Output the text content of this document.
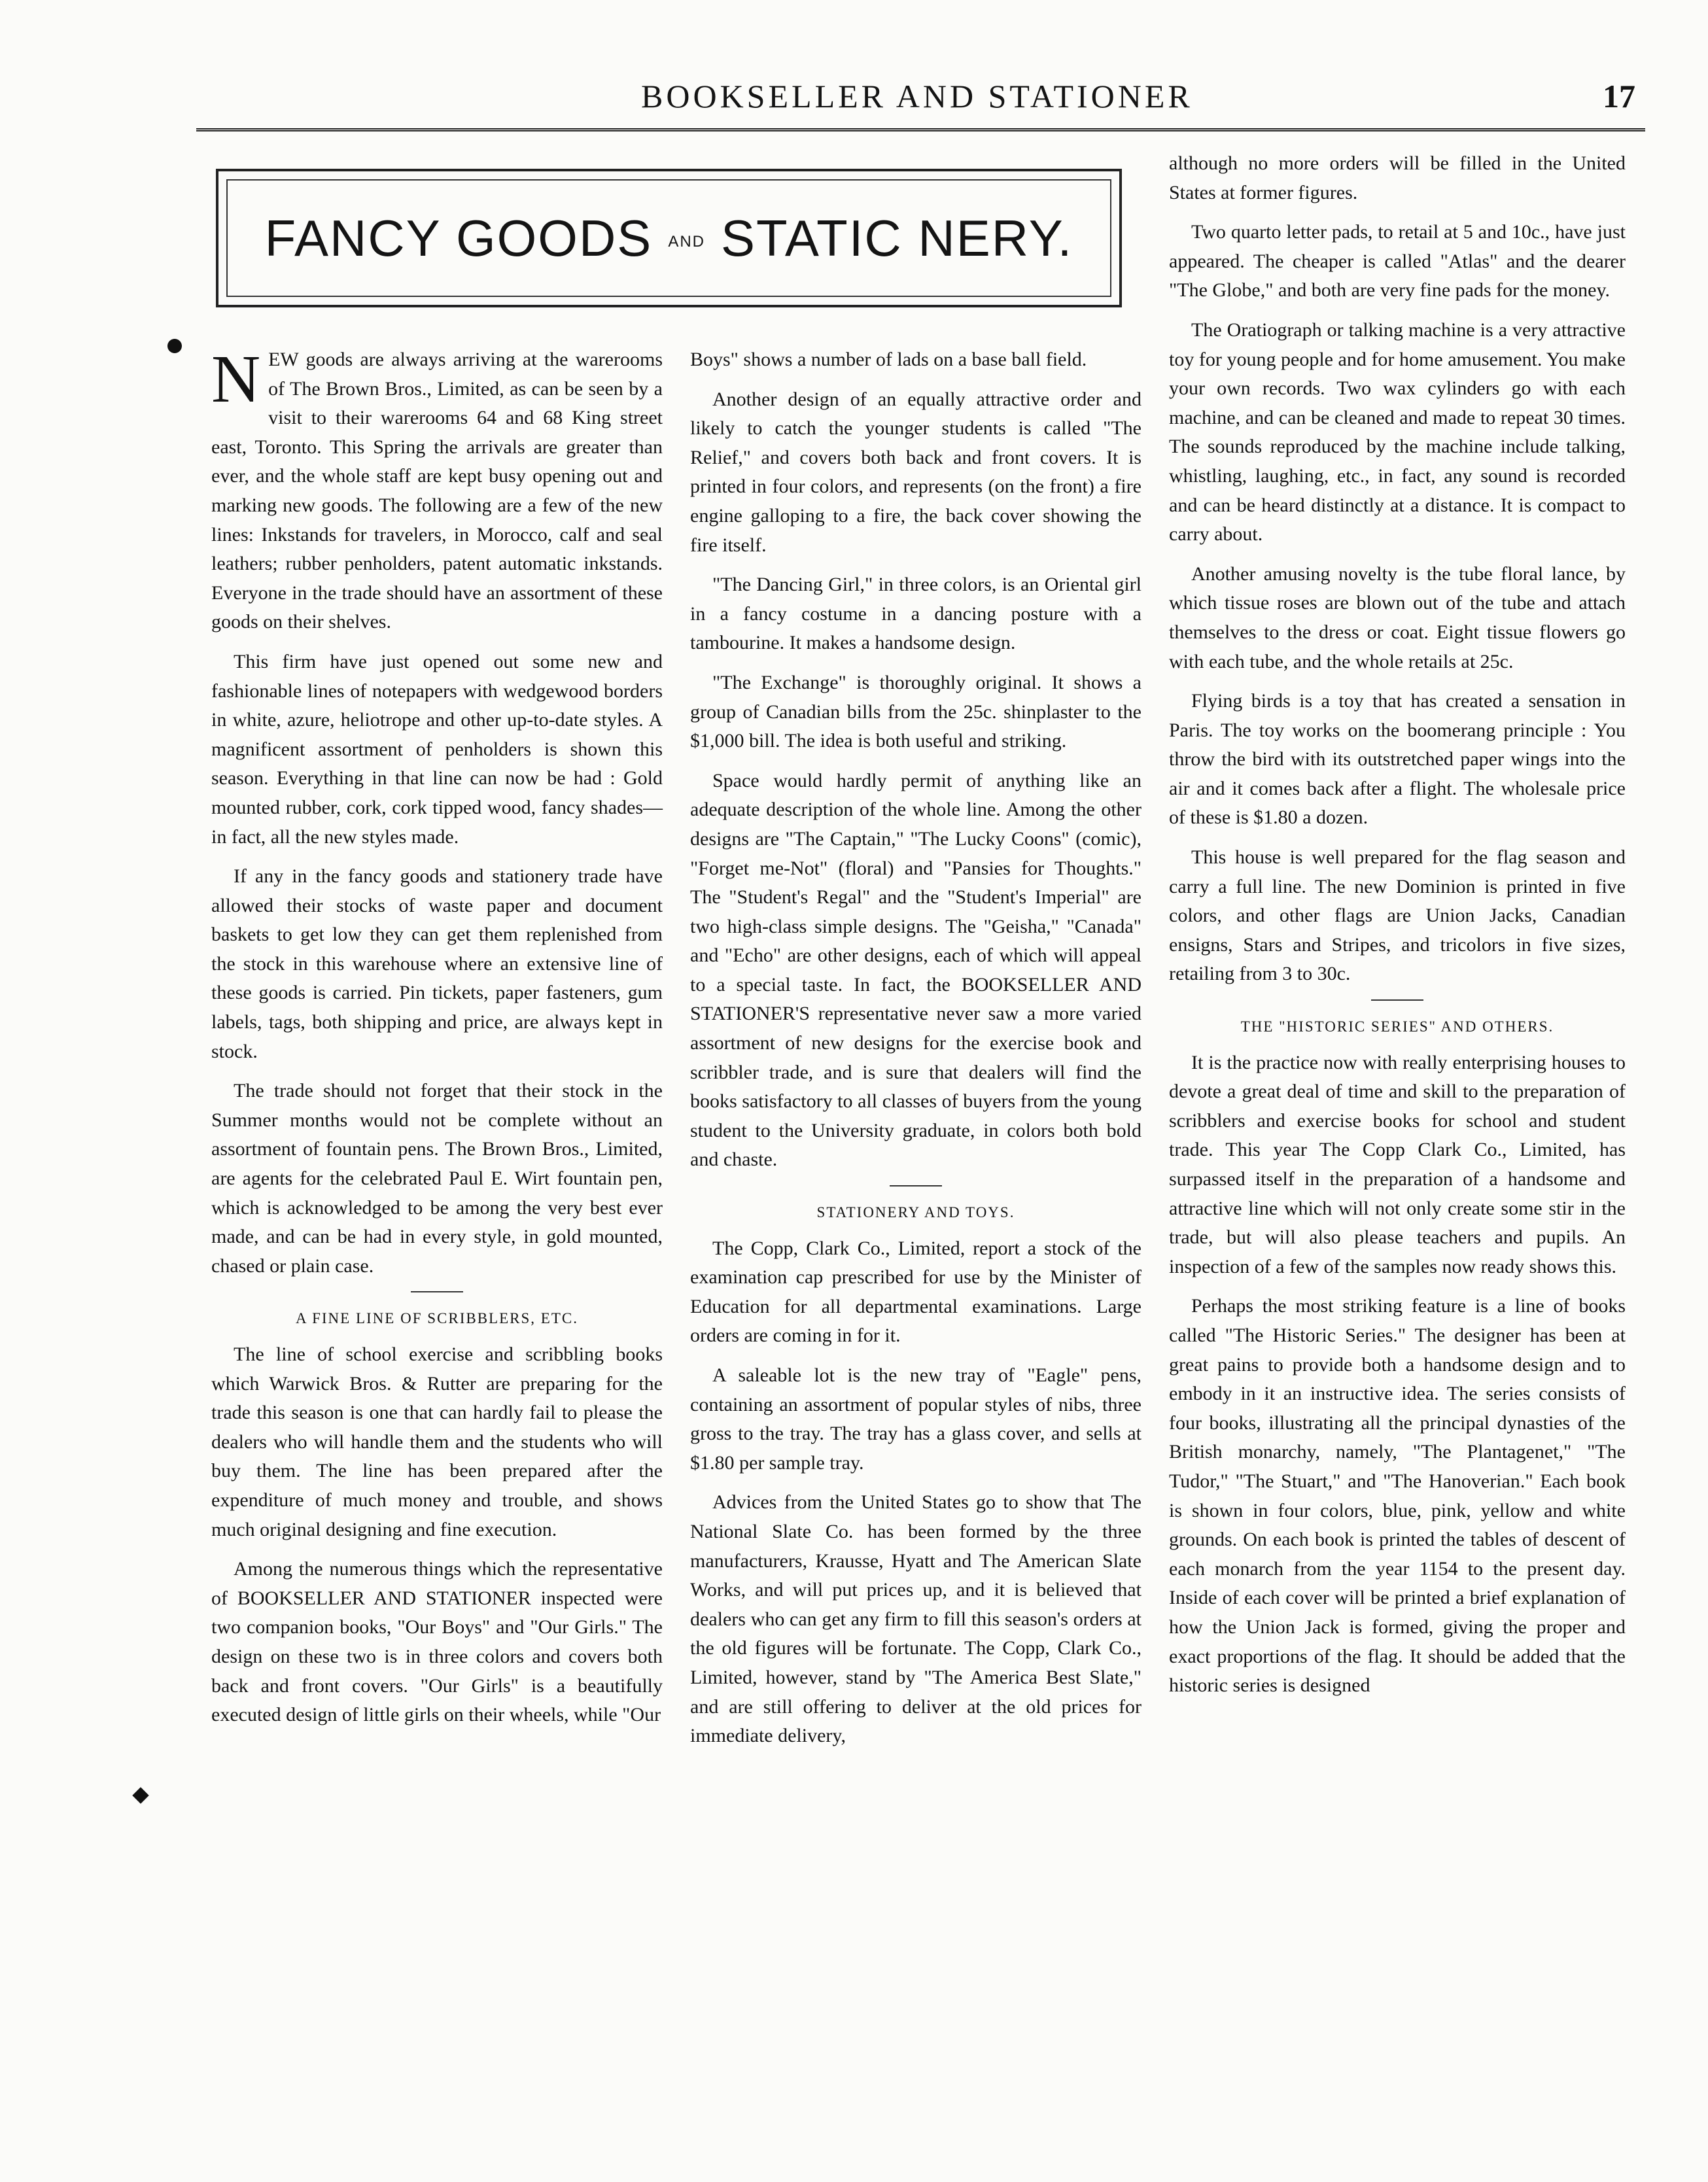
BOOKSELLER AND STATIONER	17
FANCY GOODS AND STATIC NERY.

NEW goods are always arriving at the warerooms of The Brown Bros., Limited, as can be seen by a visit to their warerooms 64 and 68 King street east, Toronto. This Spring the arrivals are greater than ever, and the whole staff are kept busy opening out and marking new goods. The following are a few of the new lines: Inkstands for travelers, in Morocco, calf and seal leathers; rubber penholders, patent automatic inkstands. Everyone in the trade should have an assortment of these goods on their shelves.

This firm have just opened out some new and fashionable lines of notepapers with wedgewood borders in white, azure, heliotrope and other up-to-date styles. A magnificent assortment of penholders is shown this season. Everything in that line can now be had : Gold mounted rubber, cork, cork tipped wood, fancy shades—in fact, all the new styles made.

If any in the fancy goods and stationery trade have allowed their stocks of waste paper and document baskets to get low they can get them replenished from the stock in this warehouse where an extensive line of these goods is carried. Pin tickets, paper fasteners, gum labels, tags, both shipping and price, are always kept in stock.

The trade should not forget that their stock in the Summer months would not be complete without an assortment of fountain pens. The Brown Bros., Limited, are agents for the celebrated Paul E. Wirt fountain pen, which is acknowledged to be among the very best ever made, and can be had in every style, in gold mounted, chased or plain case.

A FINE LINE OF SCRIBBLERS, ETC.

The line of school exercise and scribbling books which Warwick Bros. & Rutter are preparing for the trade this season is one that can hardly fail to please the dealers who will handle them and the students who will buy them. The line has been prepared after the expenditure of much money and trouble, and shows much original designing and fine execution.

Among the numerous things which the representative of BOOKSELLER AND STATIONER inspected were two companion books, "Our Boys" and "Our Girls." The design on these two is in three colors and covers both back and front covers. "Our Girls" is a beautifully executed design of little girls on their wheels, while "Our

Boys" shows a number of lads on a base ball field.

Another design of an equally attractive order and likely to catch the younger students is called "The Relief," and covers both back and front covers. It is printed in four colors, and represents (on the front) a fire engine galloping to a fire, the back cover showing the fire itself.

"The Dancing Girl," in three colors, is an Oriental girl in a fancy costume in a dancing posture with a tambourine. It makes a handsome design.

"The Exchange" is thoroughly original. It shows a group of Canadian bills from the 25c. shinplaster to the $1,000 bill. The idea is both useful and striking.

Space would hardly permit of anything like an adequate description of the whole line. Among the other designs are "The Captain," "The Lucky Coons" (comic), "Forget me-Not" (floral) and "Pansies for Thoughts." The "Student's Regal" and the "Student's Imperial" are two high-class simple designs. The "Geisha," "Canada" and "Echo" are other designs, each of which will appeal to a special taste. In fact, the BOOKSELLER AND STATIONER'S representative never saw a more varied assortment of new designs for the exercise book and scribbler trade, and is sure that dealers will find the books satisfactory to all classes of buyers from the young student to the University graduate, in colors both bold and chaste.

STATIONERY AND TOYS.

The Copp, Clark Co., Limited, report a stock of the examination cap prescribed for use by the Minister of Education for all departmental examinations. Large orders are coming in for it.

A saleable lot is the new tray of "Eagle" pens, containing an assortment of popular styles of nibs, three gross to the tray. The tray has a glass cover, and sells at $1.80 per sample tray.

Advices from the United States go to show that The National Slate Co. has been formed by the three manufacturers, Krausse, Hyatt and The American Slate Works, and will put prices up, and it is believed that dealers who can get any firm to fill this season's orders at the old figures will be fortunate. The Copp, Clark Co., Limited, however, stand by "The America Best Slate," and are still offering to deliver at the old prices for immediate delivery,

although no more orders will be filled in the United States at former figures.

Two quarto letter pads, to retail at 5 and 10c., have just appeared. The cheaper is called "Atlas" and the dearer "The Globe," and both are very fine pads for the money.

The Oratiograph or talking machine is a very attractive toy for young people and for home amusement. You make your own records. Two wax cylinders go with each machine, and can be cleaned and made to repeat 30 times. The sounds reproduced by the machine include talking, whistling, laughing, etc., in fact, any sound is recorded and can be heard distinctly at a distance. It is compact to carry about.

Another amusing novelty is the tube floral lance, by which tissue roses are blown out of the tube and attach themselves to the dress or coat. Eight tissue flowers go with each tube, and the whole retails at 25c.

Flying birds is a toy that has created a sensation in Paris. The toy works on the boomerang principle : You throw the bird with its outstretched paper wings into the air and it comes back after a flight. The wholesale price of these is $1.80 a dozen.

This house is well prepared for the flag season and carry a full line. The new Dominion is printed in five colors, and other flags are Union Jacks, Canadian ensigns, Stars and Stripes, and tricolors in five sizes, retailing from 3 to 30c.

THE "HISTORIC SERIES" AND OTHERS.

It is the practice now with really enterprising houses to devote a great deal of time and skill to the preparation of scribblers and exercise books for school and student trade. This year The Copp Clark Co., Limited, has surpassed itself in the preparation of a handsome and attractive line which will not only create some stir in the trade, but will also please teachers and pupils. An inspection of a few of the samples now ready shows this.

Perhaps the most striking feature is a line of books called "The Historic Series." The designer has been at great pains to provide both a handsome design and to embody in it an instructive idea. The series consists of four books, illustrating all the principal dynasties of the British monarchy, namely, "The Plantagenet," "The Tudor," "The Stuart," and "The Hanoverian." Each book is shown in four colors, blue, pink, yellow and white grounds. On each book is printed the tables of descent of each monarch from the year 1154 to the present day. Inside of each cover will be printed a brief explanation of how the Union Jack is formed, giving the proper and exact proportions of the flag. It should be added that the historic series is designed
